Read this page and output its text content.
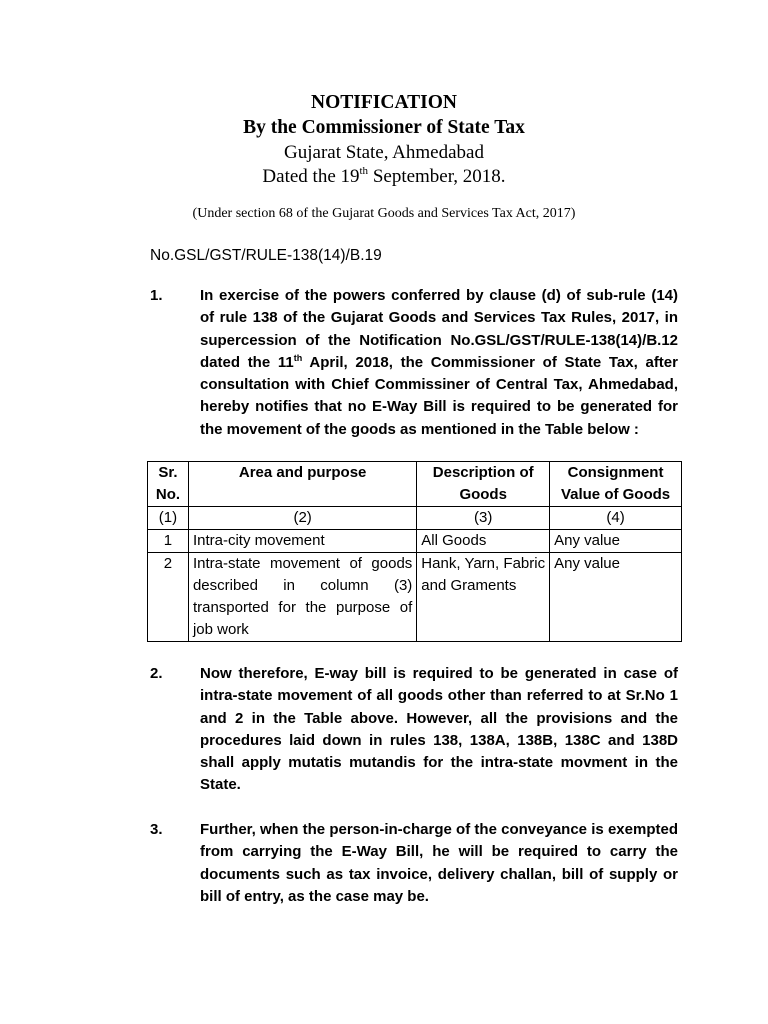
NOTIFICATION
By the Commissioner of State Tax
Gujarat State, Ahmedabad
Dated the 19th September, 2018.
(Under section 68 of the Gujarat Goods and Services Tax Act, 2017)
No.GSL/GST/RULE-138(14)/B.19
1.	In exercise of the powers conferred by clause (d) of sub-rule (14) of rule 138 of the Gujarat Goods and Services Tax Rules, 2017, in supercession of the Notification No.GSL/GST/RULE-138(14)/B.12 dated the 11th April, 2018, the Commissioner of State Tax, after consultation with Chief Commissiner of Central Tax, Ahmedabad, hereby notifies that no E-Way Bill is required to be generated for the movement of the goods as mentioned in the Table below :
Sr. No.	Area and purpose	Description of Goods	Consignment Value of Goods
(1)	(2)	(3)	(4)
1	Intra-city movement	All Goods	Any value
2	Intra-state movement of goods described in column (3) transported for the purpose of job work	Hank, Yarn, Fabric and Graments	Any value
2.	Now therefore, E-way bill is required to be generated in case of intra-state movement of all goods other than referred to at Sr.No 1 and 2 in the Table above. However, all the provisions and the procedures laid down in rules 138, 138A, 138B, 138C and 138D shall apply mutatis mutandis for the intra-state movment in the State.
3.	Further, when the person-in-charge of the conveyance is exempted from carrying the E-Way Bill, he will be required to carry the documents such as tax invoice, delivery challan, bill of supply or bill of entry, as the case may be.
